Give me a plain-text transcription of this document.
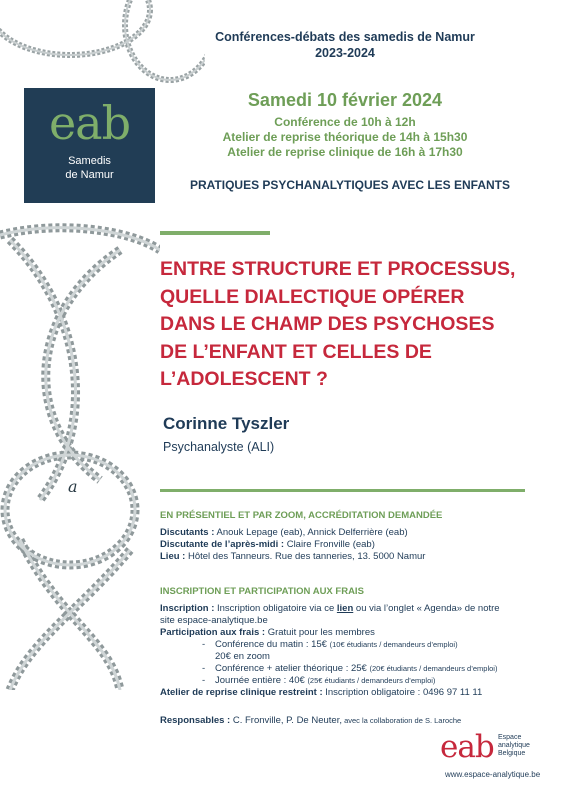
a
Conférences-débats des samedis de Namur
2023-2024
eab
Samedis
de Namur
Samedi 10 février 2024
Conférence de 10h à 12h
Atelier de reprise théorique de 14h à 15h30
Atelier de reprise clinique de 16h à 17h30
PRATIQUES PSYCHANALYTIQUES AVEC LES ENFANTS
ENTRE STRUCTURE ET PROCESSUS,
QUELLE DIALECTIQUE OPÉRER
DANS LE CHAMP DES PSYCHOSES
DE L’ENFANT ET CELLES DE
L’ADOLESCENT ?
Corinne Tyszler
Psychanalyste (ALI)
EN PRÉSENTIEL ET PAR ZOOM, ACCRÉDITATION DEMANDÉE
Discutants : Anouk Lepage (eab), Annick Delferrière (eab)
Discutante de l’après-midi : Claire Fronville (eab)
Lieu : Hôtel des Tanneurs. Rue des tanneries, 13. 5000 Namur
INSCRIPTION ET PARTICIPATION AUX FRAIS
Inscription : Inscription obligatoire via ce lien ou via l’onglet « Agenda» de notre
site espace-analytique.be
Participation aux frais : Gratuit pour les membres
- Conférence du matin : 15€ (10€ étudiants / demandeurs d’emploi)
20€ en zoom
- Conférence + atelier théorique : 25€ (20€ étudiants / demandeurs d’emploi)
- Journée entière : 40€ (25€ étudiants / demandeurs d’emploi)
Atelier de reprise clinique restreint : Inscription obligatoire : 0496 97 11 11
Responsables : C. Fronville, P. De Neuter, avec la collaboration de S. Laroche
eab Espace
analytique
Belgique
www.espace-analytique.be
